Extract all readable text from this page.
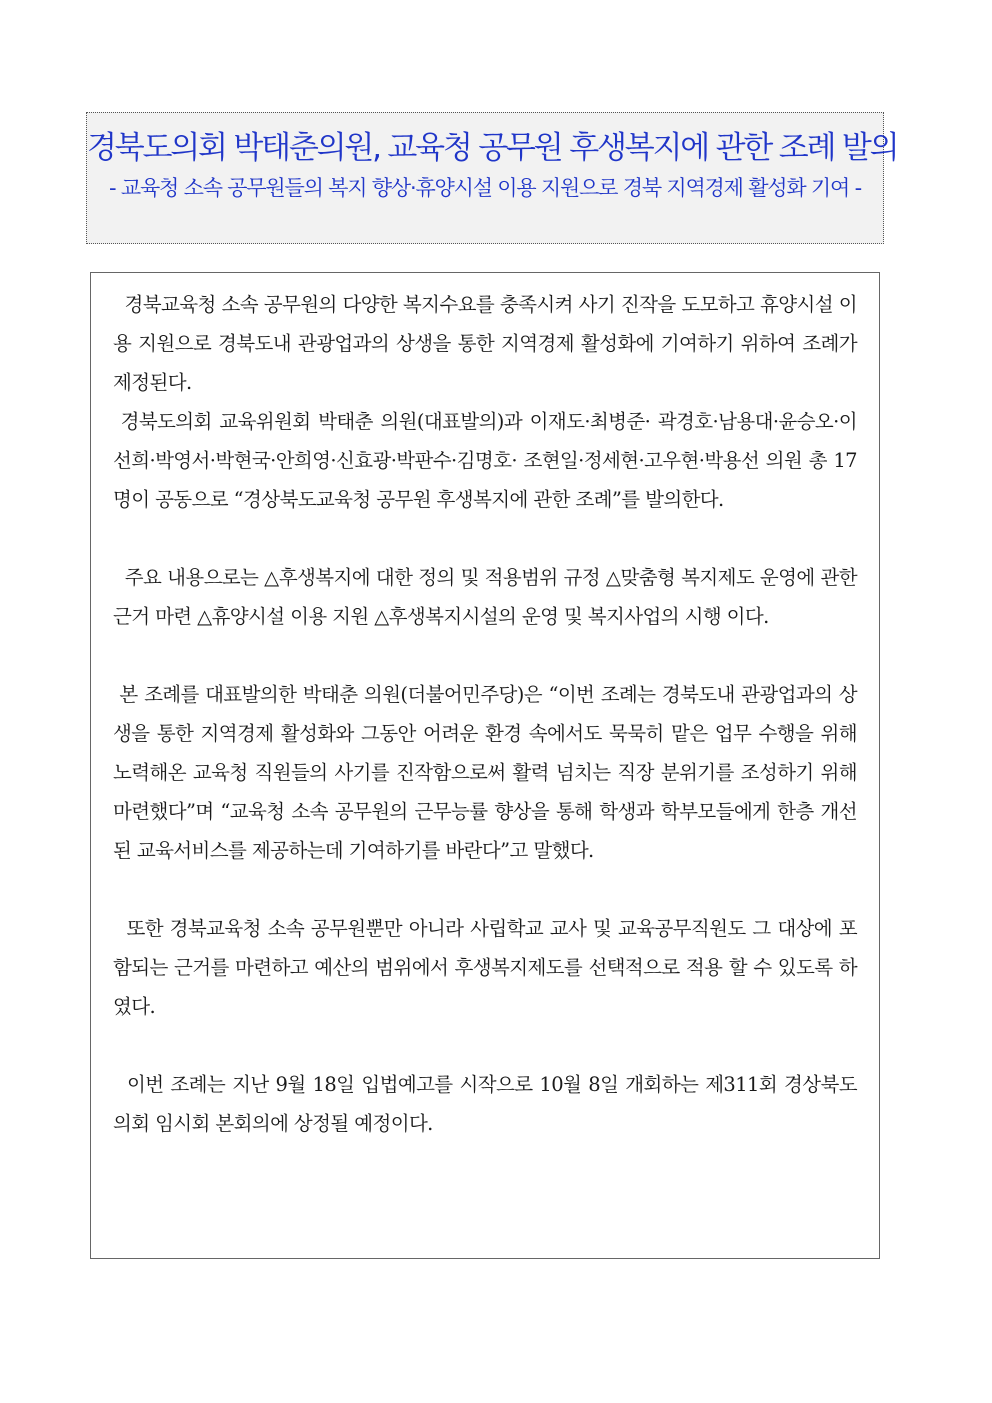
경북도의회 박태춘의원, 교육청 공무원 후생복지에 관한 조례 발의
- 교육청 소속 공무원들의 복지 향상·휴양시설 이용 지원으로 경북 지역경제 활성화 기여 -

경북교육청 소속 공무원의 다양한 복지수요를 충족시켜 사기 진작을 도모하고 휴양시설 이용 지원으로 경북도내 관광업과의 상생을 통한 지역경제 활성화에 기여하기 위하여 조례가 제정된다.

경북도의회 교육위원회 박태춘 의원(대표발의)과 이재도·최병준· 곽경호·남용대·윤승오·이선희·박영서·박현국·안희영·신효광·박판수·김명호· 조현일·정세현·고우현·박용선 의원 총 17명이 공동으로 “경상북도교육청 공무원 후생복지에 관한 조례”를 발의한다.

주요 내용으로는 △후생복지에 대한 정의 및 적용범위 규정 △맞춤형 복지제도 운영에 관한 근거 마련 △휴양시설 이용 지원 △후생복지시설의 운영 및 복지사업의 시행 이다.

본 조례를 대표발의한 박태춘 의원(더불어민주당)은 “이번 조례는 경북도내 관광업과의 상생을 통한 지역경제 활성화와 그동안 어려운 환경 속에서도 묵묵히 맡은 업무 수행을 위해 노력해온 교육청 직원들의 사기를 진작함으로써 활력 넘치는 직장 분위기를 조성하기 위해 마련했다”며 “교육청 소속 공무원의 근무능률 향상을 통해 학생과 학부모들에게 한층 개선된 교육서비스를 제공하는데 기여하기를 바란다”고 말했다.

또한 경북교육청 소속 공무원뿐만 아니라 사립학교 교사 및 교육공무직원도 그 대상에 포함되는 근거를 마련하고 예산의 범위에서 후생복지제도를 선택적으로 적용 할 수 있도록 하였다.

이번 조례는 지난 9월 18일 입법예고를 시작으로 10월 8일 개회하는 제311회 경상북도의회 임시회 본회의에 상정될 예정이다.
